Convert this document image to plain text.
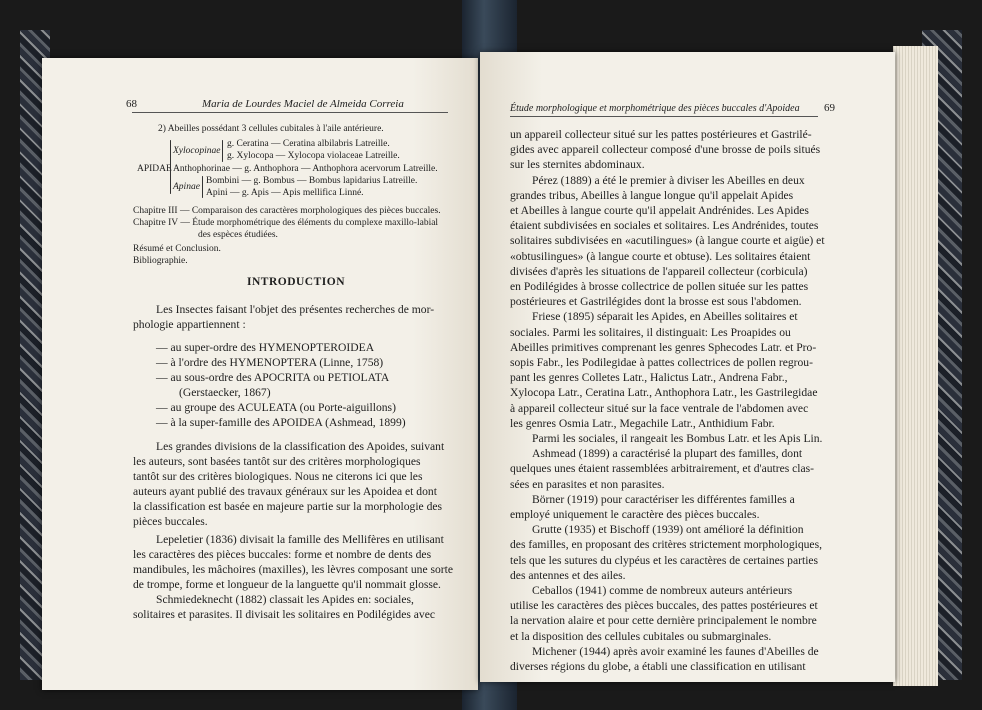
68	Maria de Lourdes Maciel de Almeida Correia

2) Abeilles possédant 3 cellules cubitales à l'aile antérieure.
APIDAE
Xylocopinae
g. Ceratina — Ceratina albilabris Latreille.
g. Xylocopa — Xylocopa violaceae Latreille.
Anthophorinae — g. Anthophora — Anthophora acervorum Latreille.
Apinae
Bombini — g. Bombus — Bombus lapidarius Latreille.
Apini — g. Apis — Apis mellifica Linné.
Chapitre III — Comparaison des caractères morphologiques des pièces buccales.
Chapitre IV — Étude morphométrique des éléments du complexe maxillo-labial
des espèces étudiées.
Résumé et Conclusion.
Bibliographie.
INTRODUCTION
Les Insectes faisant l'objet des présentes recherches de mor-
phologie appartiennent :
— au super-ordre des HYMENOPTEROIDEA
— à l'ordre des HYMENOPTERA (Linne, 1758)
— au sous-ordre des APOCRITA ou PETIOLATA
(Gerstaecker, 1867)
— au groupe des ACULEATA (ou Porte-aiguillons)
— à la super-famille des APOIDEA (Ashmead, 1899)
Les grandes divisions de la classification des Apoides, suivant
les auteurs, sont basées tantôt sur des critères morphologiques
tantôt sur des critères biologiques. Nous ne citerons ici que les
auteurs ayant publié des travaux généraux sur les Apoidea et dont
la classification est basée en majeure partie sur la morphologie des
pièces buccales.
Lepeletier (1836) divisait la famille des Mellifères en utilisant
les caractères des pièces buccales: forme et nombre de dents des
mandibules, les mâchoires (maxilles), les lèvres composant une sorte
de trompe, forme et longueur de la languette qu'il nommait glosse.
Schmiedeknecht (1882) classait les Apides en: sociales,
solitaires et parasites. Il divisait les solitaires en Podilégides avec
Étude morphologique et morphométrique des pièces buccales d'Apoidea 69
un appareil collecteur situé sur les pattes postérieures et Gastrilé-
gides avec appareil collecteur composé d'une brosse de poils situés
sur les sternites abdominaux.
Pérez (1889) a été le premier à diviser les Abeilles en deux
grandes tribus, Abeilles à langue longue qu'il appelait Apides
et Abeilles à langue courte qu'il appelait Andrénides. Les Apides
étaient subdivisées en sociales et solitaires. Les Andrénides, toutes
solitaires subdivisées en «acutilingues» (à langue courte et aigüe) et
«obtusilingues» (à langue courte et obtuse). Les solitaires étaient
divisées d'après les situations de l'appareil collecteur (corbicula)
en Podilégides à brosse collectrice de pollen située sur les pattes
postérieures et Gastrilégides dont la brosse est sous l'abdomen.
Friese (1895) séparait les Apides, en Abeilles solitaires et
sociales. Parmi les solitaires, il distinguait: Les Proapides ou
Abeilles primitives comprenant les genres Sphecodes Latr. et Pro-
sopis Fabr., les Podilegidae à pattes collectrices de pollen regrou-
pant les genres Colletes Latr., Halictus Latr., Andrena Fabr.,
Xylocopa Latr., Ceratina Latr., Anthophora Latr., les Gastrilegidae
à appareil collecteur situé sur la face ventrale de l'abdomen avec
les genres Osmia Latr., Megachile Latr., Anthidium Fabr.
Parmi les sociales, il rangeait les Bombus Latr. et les Apis Lin.
Ashmead (1899) a caractérisé la plupart des familles, dont
quelques unes étaient rassemblées arbitrairement, et d'autres clas-
sées en parasites et non parasites.
Börner (1919) pour caractériser les différentes familles a
employé uniquement le caractère des pièces buccales.
Grutte (1935) et Bischoff (1939) ont amélioré la définition
des familles, en proposant des critères strictement morphologiques,
tels que les sutures du clypéus et les caractères de certaines parties
des antennes et des ailes.
Ceballos (1941) comme de nombreux auteurs antérieurs
utilise les caractères des pièces buccales, des pattes postérieures et
la nervation alaire et pour cette dernière principalement le nombre
et la disposition des cellules cubitales ou submarginales.
Michener (1944) après avoir examiné les faunes d'Abeilles de
diverses régions du globe, a établi une classification en utilisant
